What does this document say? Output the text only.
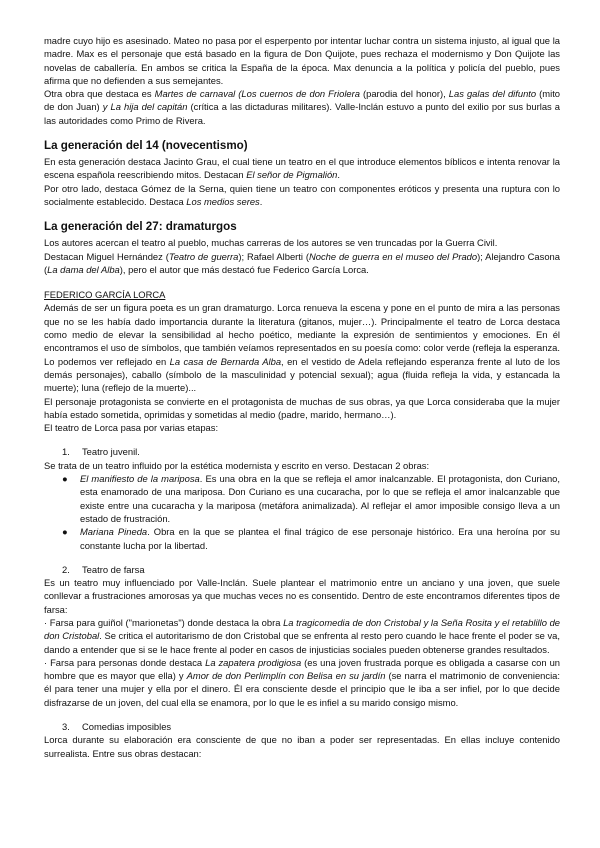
madre cuyo hijo es asesinado. Mateo no pasa por el esperpento por intentar luchar contra un sistema injusto, al igual que la madre. Max es el personaje que está basado en la figura de Don Quijote, pues rechaza el modernismo y Don Quijote las novelas de caballería. En ambos se critica la España de la época. Max denuncia a la política y policía del pueblo, pues afirma que no defienden a sus semejantes.

Otra obra que destaca es Martes de carnaval (Los cuernos de don Friolera (parodia del honor), Las galas del difunto (mito de don Juan) y La hija del capitán (crítica a las dictaduras militares). Valle-Inclán estuvo a punto del exilio por sus burlas a las autoridades como Primo de Rivera.

La generación del 14 (novecentismo)

En esta generación destaca Jacinto Grau, el cual tiene un teatro en el que introduce elementos bíblicos e intenta renovar la escena española reescribiendo mitos. Destacan El señor de Pigmalión.

Por otro lado, destaca Gómez de la Serna, quien tiene un teatro con componentes eróticos y presenta una ruptura con lo socialmente establecido. Destaca Los medios seres.

La generación del 27: dramaturgos

Los autores acercan el teatro al pueblo, muchas carreras de los autores se ven truncadas por la Guerra Civil.

Destacan Miguel Hernández (Teatro de guerra); Rafael Alberti (Noche de guerra en el museo del Prado); Alejandro Casona (La dama del Alba), pero el autor que más destacó fue Federico García Lorca.

FEDERICO GARCÍA LORCA

Además de ser un figura poeta es un gran dramaturgo. Lorca renueva la escena y pone en el punto de mira a las personas que no se les había dado importancia durante la literatura (gitanos, mujer…). Principalmente el teatro de Lorca destaca como medio de elevar la sensibilidad al hecho poético, mediante la expresión de sentimientos y emociones. En él encontramos el uso de símbolos, que también veíamos representados en su poesía como: color verde (refleja la esperanza. Lo podemos ver reflejado en La casa de Bernarda Alba, en el vestido de Adela reflejando esperanza frente al luto de los demás personajes), caballo (símbolo de la masculinidad y potencial sexual); agua (fluida refleja la vida, y estancada la muerte); luna (reflejo de la muerte)...

El personaje protagonista se convierte en el protagonista de muchas de sus obras, ya que Lorca consideraba que la mujer había estado sometida, oprimidas y sometidas al medio (padre, marido, hermano…).

El teatro de Lorca pasa por varias etapas:

1.	Teatro juvenil.

Se trata de un teatro influido por la estética modernista y escrito en verso. Destacan 2 obras:

●	El manifiesto de la mariposa. Es una obra en la que se refleja el amor inalcanzable. El protagonista, don Curiano, esta enamorado de una mariposa. Don Curiano es una cucaracha, por lo que se refleja el amor inalcanzable que existe entre una cucaracha y la mariposa (metáfora animalizada). Al reflejar el amor imposible consigo lleva a un estado de frustración.
●	Mariana Pineda. Obra en la que se plantea el final trágico de ese personaje histórico. Era una heroína por su constante lucha por la libertad.
2.	Teatro de farsa

Es un teatro muy influenciado por Valle-Inclán. Suele plantear el matrimonio entre un anciano y una joven, que suele conllevar a frustraciones amorosas ya que muchas veces no es consentido. Dentro de este encontramos diferentes tipos de farsa:

· Farsa para guiñol ("marionetas") donde destaca la obra La tragicomedia de don Cristobal y la Seña Rosita y el retablillo de don Cristobal. Se critica el autoritarismo de don Cristobal que se enfrenta al resto pero cuando le hace frente el poder se va, dando a entender que si se le hace frente al poder en casos de injusticias sociales pueden obtenerse grandes resultados.

· Farsa para personas donde destaca La zapatera prodigiosa (es una joven frustrada porque es obligada a casarse con un hombre que es mayor que ella) y Amor de don Perlimplín con Belisa en su jardín (se narra el matrimonio de conveniencia: él para tener una mujer y ella por el dinero. Él era consciente desde el principio que le iba a ser infiel, por lo que decide disfrazarse de un joven, del cual ella se enamora, por lo que le es infiel a su marido consigo mismo.

3.	Comedias imposibles

Lorca durante su elaboración era consciente de que no iban a poder ser representadas. En ellas incluye contenido surrealista. Entre sus obras destacan:
